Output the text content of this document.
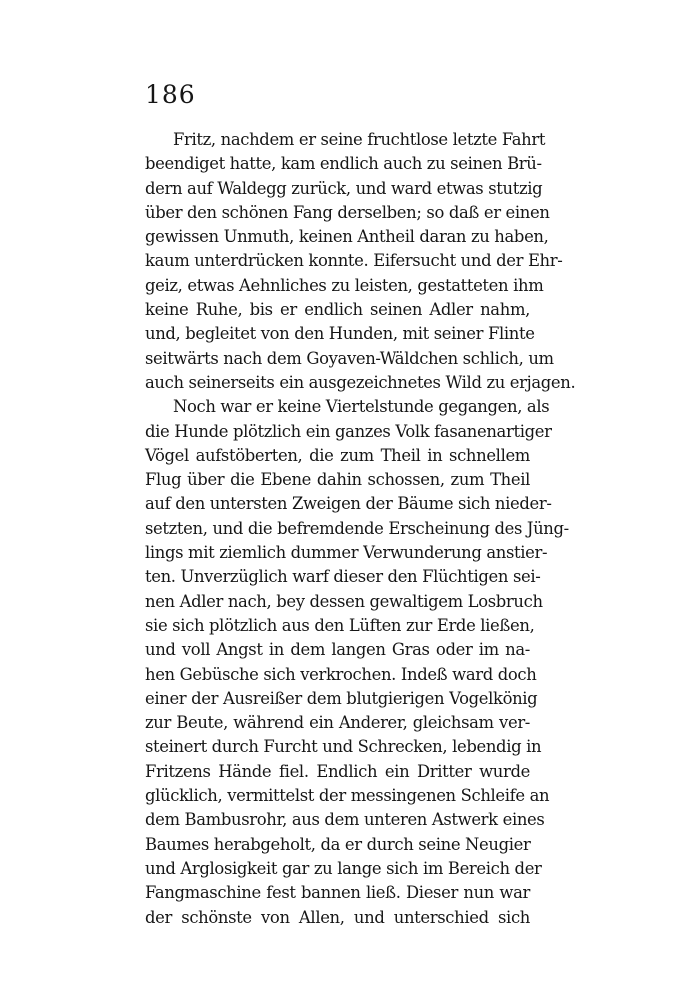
186
Fritz, nachdem er seine fruchtlose letzte Fahrt
beendiget hatte, kam endlich auch zu seinen Brü-
dern auf Waldegg zurück, und ward etwas stutzig
über den schönen Fang derselben; so daß er einen
gewissen Unmuth, keinen Antheil daran zu haben,
kaum unterdrücken konnte. Eifersucht und der Ehr-
geiz, etwas Aehnliches zu leisten, gestatteten ihm
keine Ruhe, bis er endlich seinen Adler nahm,
und, begleitet von den Hunden, mit seiner Flinte
seitwärts nach dem Goyaven-Wäldchen schlich, um
auch seinerseits ein ausgezeichnetes Wild zu erjagen.
Noch war er keine Viertelstunde gegangen, als
die Hunde plötzlich ein ganzes Volk fasanenartiger
Vögel aufstöberten, die zum Theil in schnellem
Flug über die Ebene dahin schossen, zum Theil
auf den untersten Zweigen der Bäume sich nieder-
setzten, und die befremdende Erscheinung des Jüng-
lings mit ziemlich dummer Verwunderung anstier-
ten. Unverzüglich warf dieser den Flüchtigen sei-
nen Adler nach, bey dessen gewaltigem Losbruch
sie sich plötzlich aus den Lüften zur Erde ließen,
und voll Angst in dem langen Gras oder im na-
hen Gebüsche sich verkrochen. Indeß ward doch
einer der Ausreißer dem blutgierigen Vogelkönig
zur Beute, während ein Anderer, gleichsam ver-
steinert durch Furcht und Schrecken, lebendig in
Fritzens Hände fiel. Endlich ein Dritter wurde
glücklich, vermittelst der messingenen Schleife an
dem Bambusrohr, aus dem unteren Astwerk eines
Baumes herabgeholt, da er durch seine Neugier
und Arglosigkeit gar zu lange sich im Bereich der
Fangmaschine fest bannen ließ. Dieser nun war
der schönste von Allen, und unterschied sich
